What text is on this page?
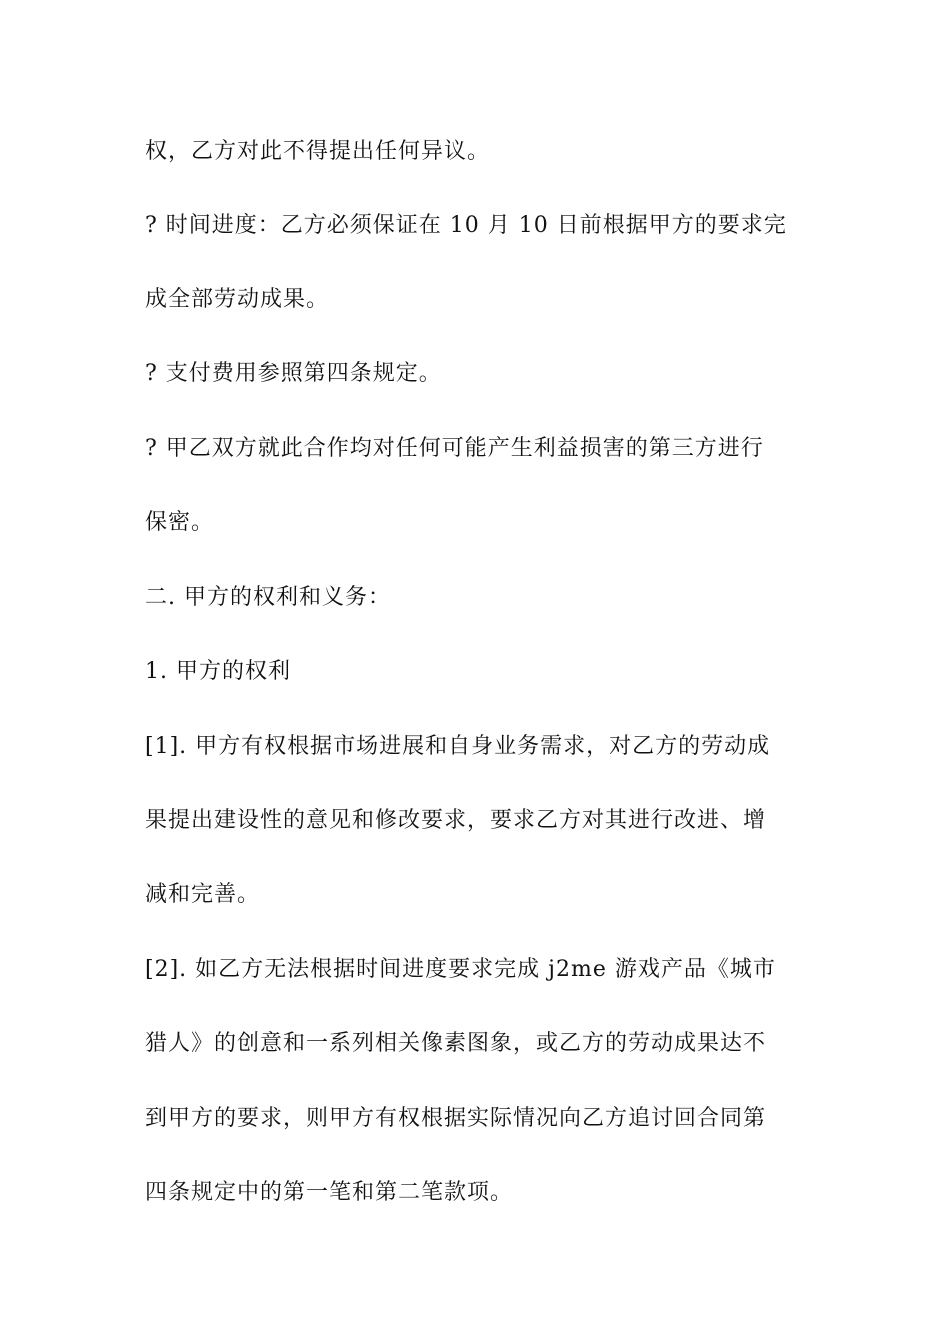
权，乙方对此不得提出任何异议。
? 时间进度：乙方必须保证在 10 月 10 日前根据甲方的要求完
成全部劳动成果。
? 支付费用参照第四条规定。
? 甲乙双方就此合作均对任何可能产生利益损害的第三方进行
保密。
二. 甲方的权利和义务：
1. 甲方的权利
[1]. 甲方有权根据市场进展和自身业务需求，对乙方的劳动成
果提出建设性的意见和修改要求，要求乙方对其进行改进、增
减和完善。
[2]. 如乙方无法根据时间进度要求完成 j2me 游戏产品《城市
猎人》的创意和一系列相关像素图象，或乙方的劳动成果达不
到甲方的要求，则甲方有权根据实际情况向乙方追讨回合同第
四条规定中的第一笔和第二笔款项。
